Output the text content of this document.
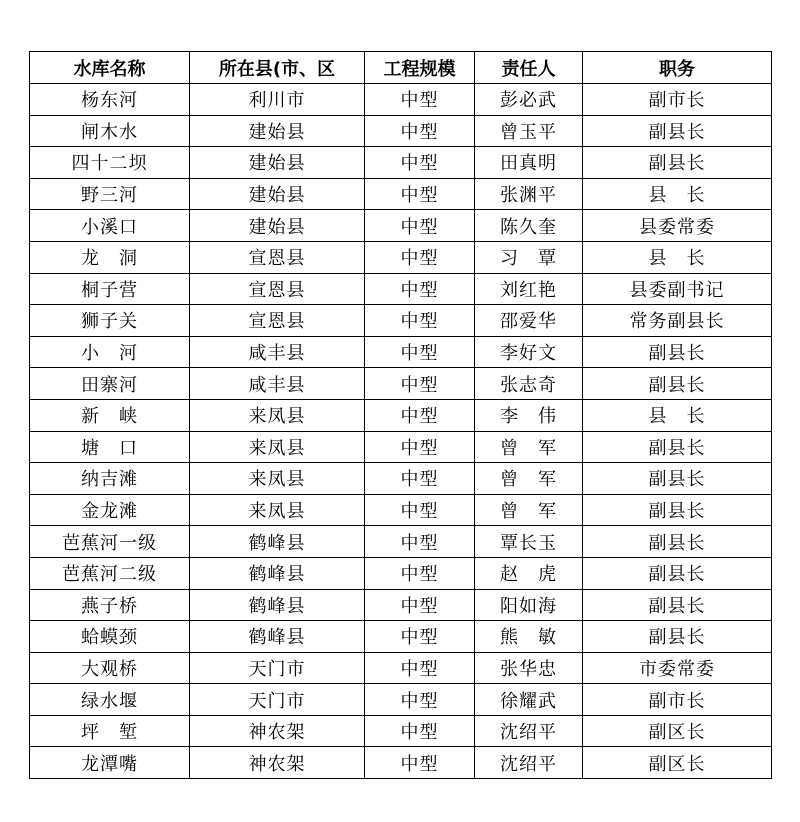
水库名称	所在县(市、区	工程规模	责任人	职务
杨东河	利川市	中型	彭必武	副市长
闸木水	建始县	中型	曾玉平	副县长
四十二坝	建始县	中型	田真明	副县长
野三河	建始县	中型	张渊平	县　长
小溪口	建始县	中型	陈久奎	县委常委
龙　洞	宣恩县	中型	习　覃	县　长
桐子营	宣恩县	中型	刘红艳	县委副书记
狮子关	宣恩县	中型	邵爱华	常务副县长
小　河	咸丰县	中型	李好文	副县长
田寨河	咸丰县	中型	张志奇	副县长
新　峡	来凤县	中型	李　伟	县　长
塘　口	来凤县	中型	曾　军	副县长
纳吉滩	来凤县	中型	曾　军	副县长
金龙滩	来凤县	中型	曾　军	副县长
芭蕉河一级	鹤峰县	中型	覃长玉	副县长
芭蕉河二级	鹤峰县	中型	赵　虎	副县长
燕子桥	鹤峰县	中型	阳如海	副县长
蛤蟆颈	鹤峰县	中型	熊　敏	副县长
大观桥	天门市	中型	张华忠	市委常委
绿水堰	天门市	中型	徐耀武	副市长
坪　堑	神农架	中型	沈绍平	副区长
龙潭嘴	神农架	中型	沈绍平	副区长
